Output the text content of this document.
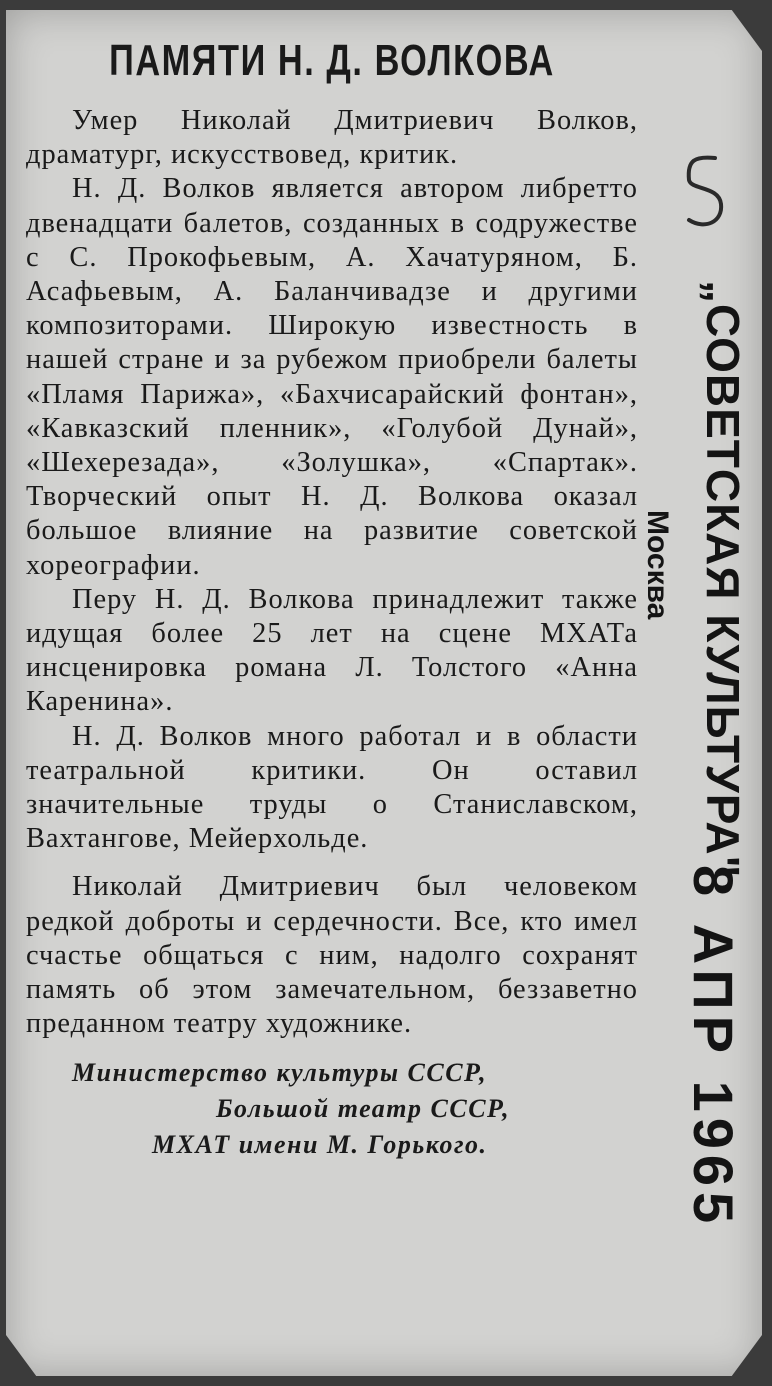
ПАМЯТИ Н. Д. ВОЛКОВА

Умер Николай Дмитриевич Волков, драматург, искусствовед, критик.

Н. Д. Волков является автором либретто двенадцати балетов, созданных в содружестве с С. Прокофьевым, А. Хачатуряном, Б. Асафьевым, А. Баланчивадзе и другими композиторами. Широкую известность в нашей стране и за рубежом приобрели балеты «Пламя Парижа», «Бахчисарайский фонтан», «Кавказский пленник», «Голубой Дунай», «Шехерезада», «Золушка», «Спартак». Творческий опыт Н. Д. Волкова оказал большое влияние на развитие советской хореографии.

Перу Н. Д. Волкова принадлежит также идущая более 25 лет на сцене МХАТа инсценировка романа Л. Толстого «Анна Каренина».

Н. Д. Волков много работал и в области театральной критики. Он оставил значительные труды о Станиславском, Вахтангове, Мейерхольде.

Николай Дмитриевич был человеком редкой доброты и сердечности. Все, кто имел счастье общаться с ним, надолго сохранят память об этом замечательном, беззаветно преданном театру художнике.

Министерство культуры СССР,
Большой театр СССР,
МХАТ имени М. Горького.
„СОВЕТСКАЯ КУЛЬТУРА"
Москва
8 АПР 1965
